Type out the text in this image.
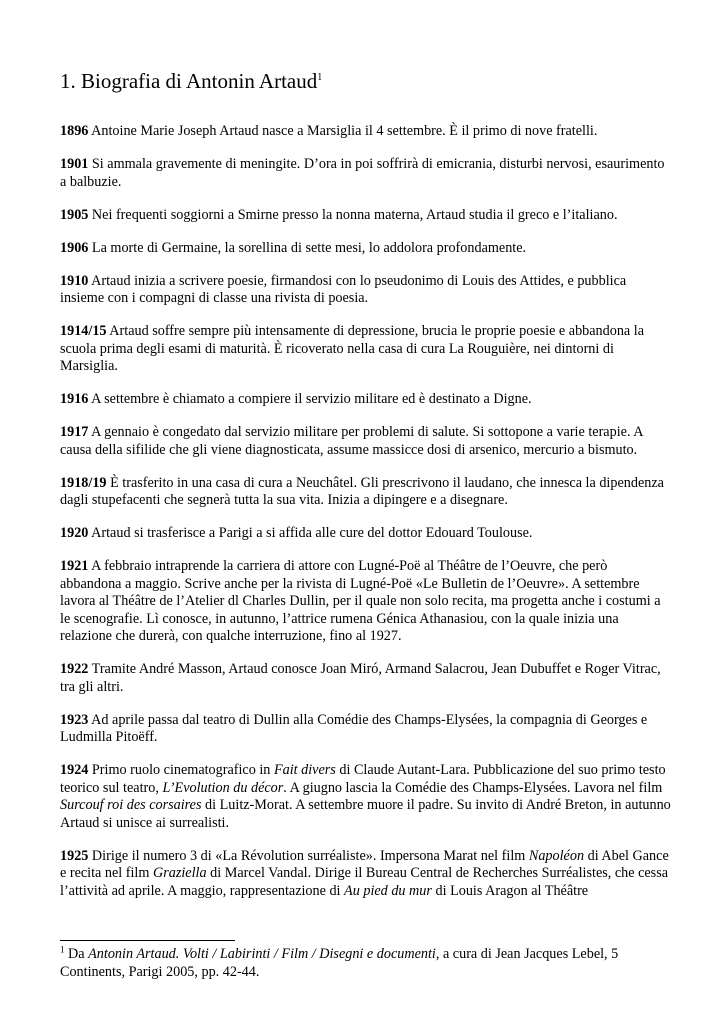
1. Biografia di Antonin Artaud$^1$

1896 Antoine Marie Joseph Artaud nasce a Marsiglia il 4 settembre. È il primo di nove fratelli.

1901 Si ammala gravemente di meningite. D’ora in poi soffrirà di emicrania, disturbi nervosi, esaurimento a balbuzie.

1905 Nei frequenti soggiorni a Smirne presso la nonna materna, Artaud studia il greco e l’italiano.

1906 La morte di Germaine, la sorellina di sette mesi, lo addolora profondamente.

1910 Artaud inizia a scrivere poesie, firmandosi con lo pseudonimo di Louis des Attides, e pubblica insieme con i compagni di classe una rivista di poesia.

1914/15 Artaud soffre sempre più intensamente di depressione, brucia le proprie poesie e abbandona la scuola prima degli esami di maturità. È ricoverato nella casa di cura La Rouguière, nei dintorni di Marsiglia.

1916 A settembre è chiamato a compiere il servizio militare ed è destinato a Digne.

1917 A gennaio è congedato dal servizio militare per problemi di salute. Si sottopone a varie terapie. A causa della sifilide che gli viene diagnosticata, assume massicce dosi di arsenico, mercurio a bismuto.

1918/19 È trasferito in una casa di cura a Neuchâtel. Gli prescrivono il laudano, che innesca la dipendenza dagli stupefacenti che segnerà tutta la sua vita. Inizia a dipingere e a disegnare.

1920 Artaud si trasferisce a Parigi a si affida alle cure del dottor Edouard Toulouse.

1921 A febbraio intraprende la carriera di attore con Lugné-Poë al Théâtre de l’Oeuvre, che però abbandona a maggio. Scrive anche per la rivista di Lugné-Poë «Le Bulletin de l’Oeuvre». A settembre lavora al Théâtre de l’Atelier dl Charles Dullin, per il quale non solo recita, ma progetta anche i costumi a le scenografie. Lì conosce, in autunno, l’attrice rumena Génica Athanasiou, con la quale inizia una relazione che durerà, con qualche interruzione, fino al 1927.

1922 Tramite André Masson, Artaud conosce Joan Miró, Armand Salacrou, Jean Dubuffet e Roger Vitrac, tra gli altri.

1923 Ad aprile passa dal teatro di Dullin alla Comédie des Champs-Elysées, la compagnia di Georges e Ludmilla Pitoëff.

1924 Primo ruolo cinematografico in Fait divers di Claude Autant-Lara. Pubblicazione del suo primo testo teorico sul teatro, L’Evolution du décor. A giugno lascia la Comédie des Champs-Elysées. Lavora nel film Surcouf roi des corsaires di Luitz-Morat. A settembre muore il padre. Su invito di André Breton, in autunno Artaud si unisce ai surrealisti.

1925 Dirige il numero 3 di «La Révolution surréaliste». Impersona Marat nel film Napoléon di Abel Gance e recita nel film Graziella di Marcel Vandal. Dirige il Bureau Central de Recherches Surréalistes, che cessa l’attività ad aprile. A maggio, rappresentazione di Au pied du mur di Louis Aragon al Théâtre

$^1$ Da Antonin Artaud. Volti / Labirinti / Film / Disegni e documenti, a cura di Jean Jacques Lebel, 5 Continents, Parigi 2005, pp. 42-44.
